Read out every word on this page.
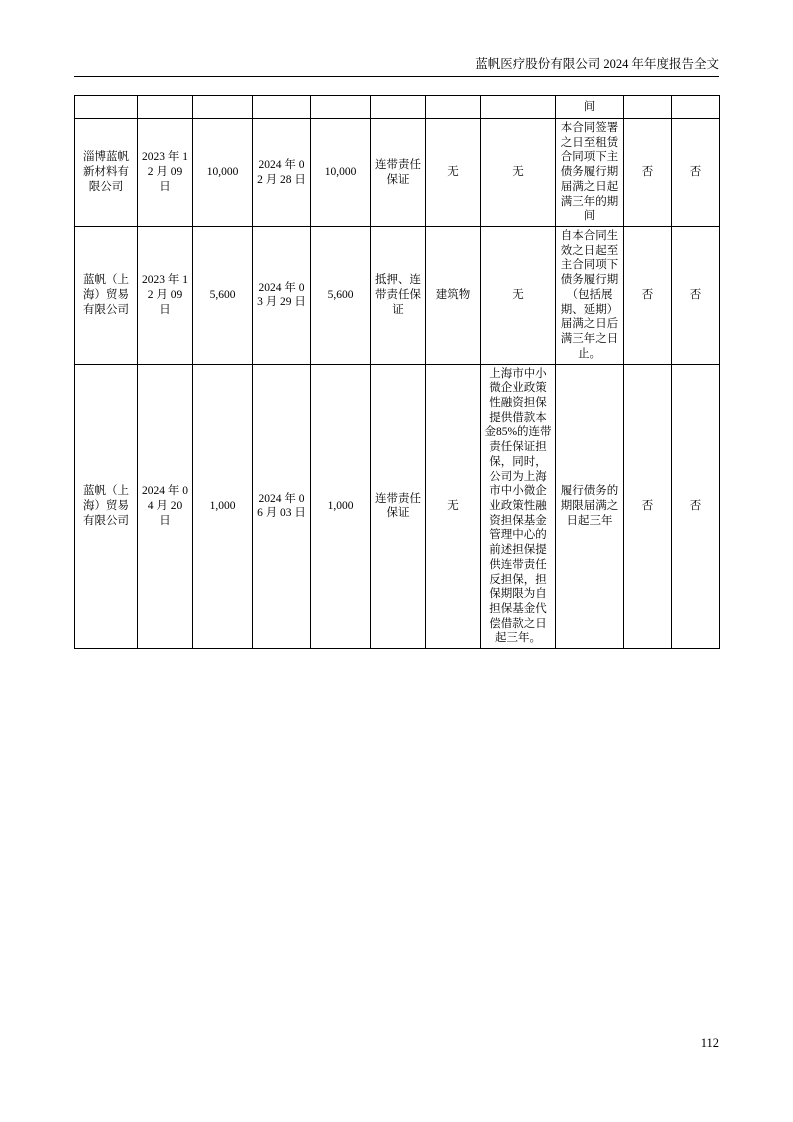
蓝帆医疗股份有限公司 2024 年年度报告全文
								间		
淄博蓝帆新材料有限公司	2023 年 12 月 09 日	10,000	2024 年 02 月 28 日	10,000	连带责任保证	无	无	本合同签署之日至租赁合同项下主债务履行期届满之日起满三年的期间	否	否
蓝帆（上海）贸易有限公司	2023 年 12 月 09 日	5,600	2024 年 03 月 29 日	5,600	抵押、连带责任保证	建筑物	无	自本合同生效之日起至主合同项下债务履行期（包括展期、延期）届满之日后满三年之日止。	否	否
蓝帆（上海）贸易有限公司	2024 年 04 月 20 日	1,000	2024 年 06 月 03 日	1,000	连带责任保证	无	上海市中小微企业政策性融资担保提供借款本金85%的连带责任保证担保，同时，公司为上海市中小微企业政策性融资担保基金管理中心的前述担保提供连带责任反担保，担保期限为自担保基金代偿借款之日起三年。	履行债务的期限届满之日起三年	否	否
112
